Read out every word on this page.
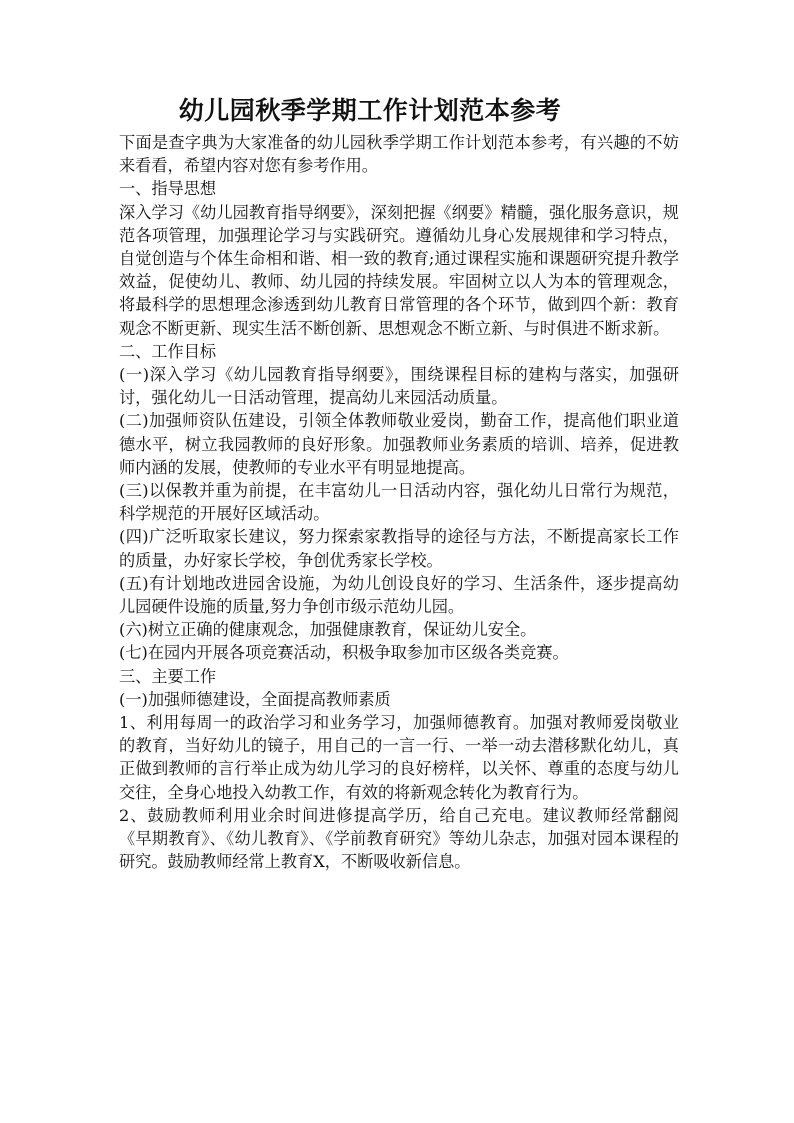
幼儿园秋季学期工作计划范本参考

下面是查字典为大家准备的幼儿园秋季学期工作计划范本参考，有兴趣的不妨来看看，希望内容对您有参考作用。

一、指导思想

深入学习《幼儿园教育指导纲要》，深刻把握《纲要》精髓，强化服务意识，规范各项管理，加强理论学习与实践研究。遵循幼儿身心发展规律和学习特点，自觉创造与个体生命相和谐、相一致的教育;通过课程实施和课题研究提升教学效益，促使幼儿、教师、幼儿园的持续发展。牢固树立以人为本的管理观念，将最科学的思想理念渗透到幼儿教育日常管理的各个环节，做到四个新：教育观念不断更新、现实生活不断创新、思想观念不断立新、与时俱进不断求新。

二、工作目标

(一)深入学习《幼儿园教育指导纲要》，围绕课程目标的建构与落实，加强研讨，强化幼儿一日活动管理，提高幼儿来园活动质量。

(二)加强师资队伍建设，引领全体教师敬业爱岗，勤奋工作，提高他们职业道德水平，树立我园教师的良好形象。加强教师业务素质的培训、培养，促进教师内涵的发展，使教师的专业水平有明显地提高。

(三)以保教并重为前提，在丰富幼儿一日活动内容，强化幼儿日常行为规范，科学规范的开展好区域活动。

(四)广泛听取家长建议，努力探索家教指导的途径与方法，不断提高家长工作的质量，办好家长学校，争创优秀家长学校。

(五)有计划地改进园舍设施，为幼儿创设良好的学习、生活条件，逐步提高幼儿园硬件设施的质量,努力争创市级示范幼儿园。

(六)树立正确的健康观念，加强健康教育，保证幼儿安全。

(七)在园内开展各项竞赛活动，积极争取参加市区级各类竞赛。

三、主要工作

(一)加强师德建设，全面提高教师素质

1、利用每周一的政治学习和业务学习，加强师德教育。加强对教师爱岗敬业的教育，当好幼儿的镜子，用自己的一言一行、一举一动去潜移默化幼儿，真正做到教师的言行举止成为幼儿学习的良好榜样，以关怀、尊重的态度与幼儿交往，全身心地投入幼教工作，有效的将新观念转化为教育行为。

2、鼓励教师利用业余时间进修提高学历，给自己充电。建议教师经常翻阅《早期教育》、《幼儿教育》、《学前教育研究》等幼儿杂志，加强对园本课程的研究。鼓励教师经常上教育X，不断吸收新信息。
